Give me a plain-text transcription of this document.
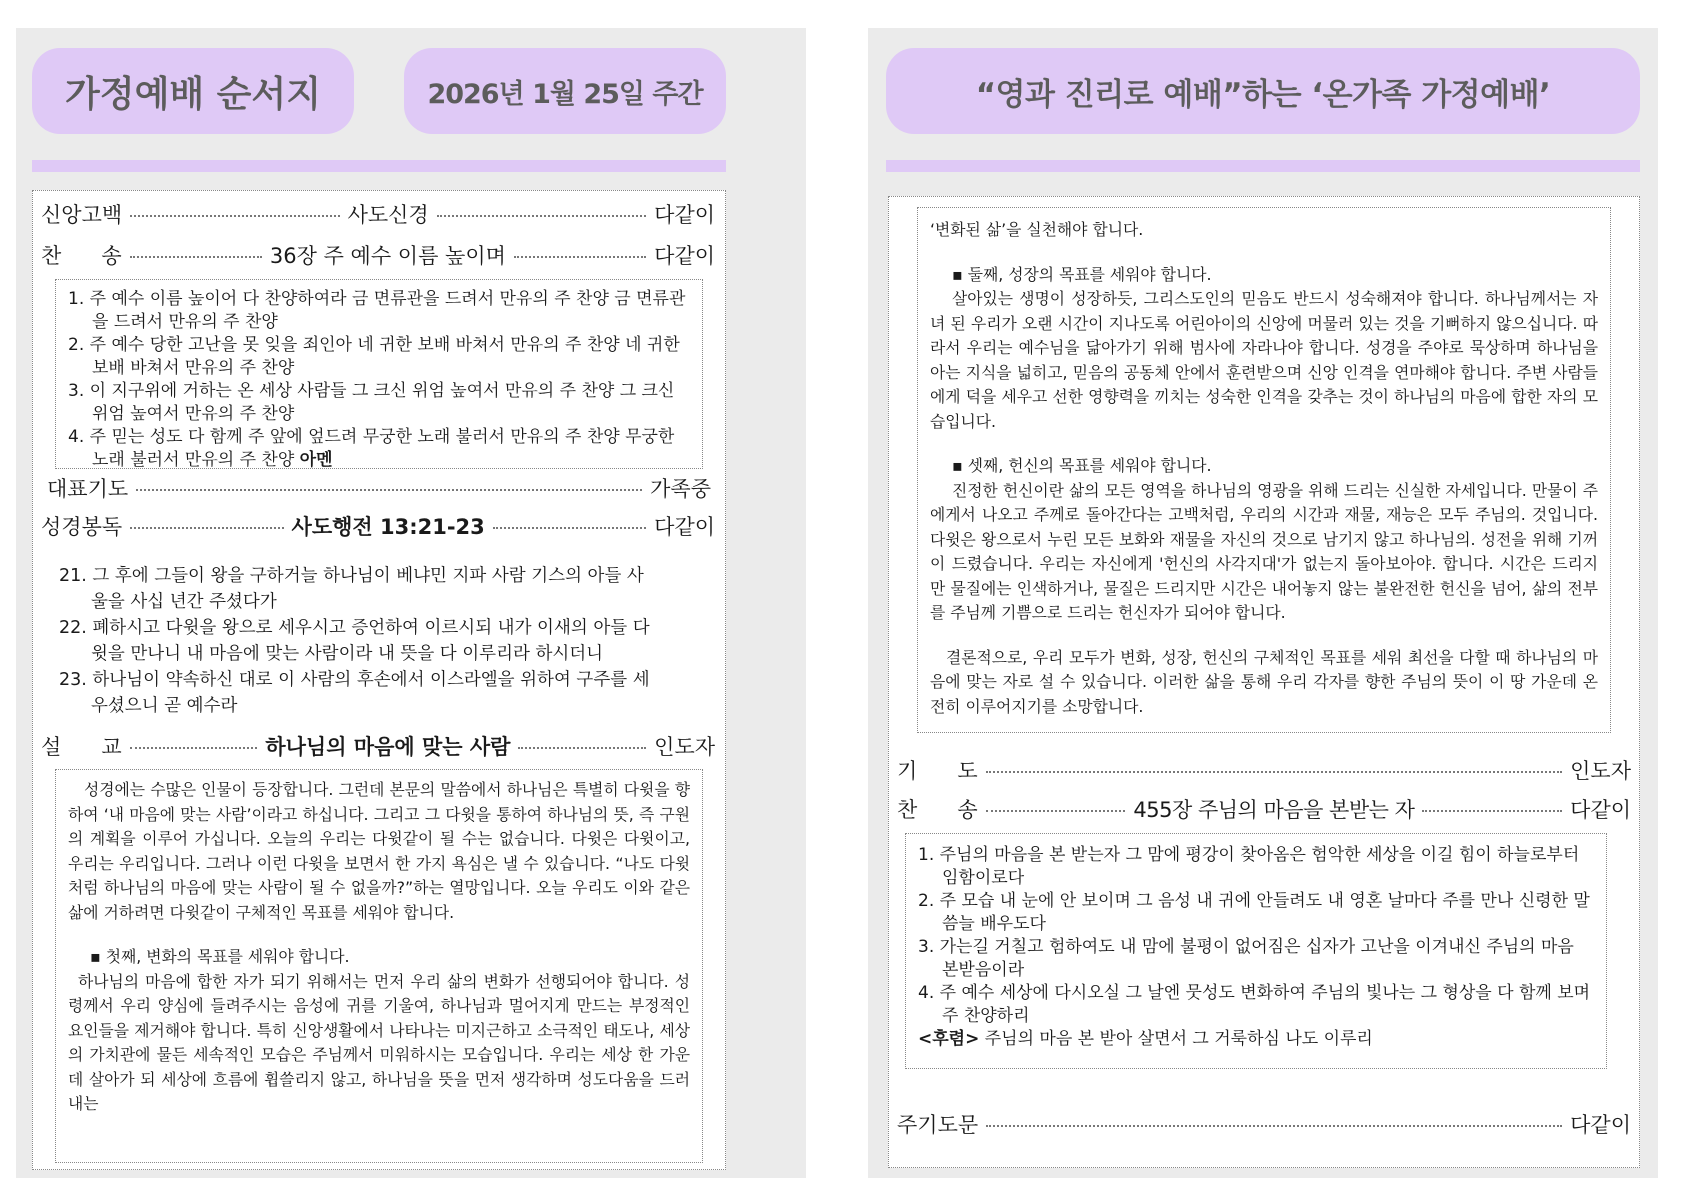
가정예배 순서지	2026년 1월 25일 주간
신앙고백	사도신경	다같이
찬      송	36장 주 예수 이름 높이며	다같이

1. 주 예수 이름 높이어 다 찬양하여라 금 면류관을 드려서 만유의 주 찬양 금 면류관을 드려서 만유의 주 찬양

2. 주 예수 당한 고난을 못 잊을 죄인아 네 귀한 보배 바쳐서 만유의 주 찬양 네 귀한 보배 바쳐서 만유의 주 찬양

3. 이 지구위에 거하는 온 세상 사람들 그 크신 위엄 높여서 만유의 주 찬양 그 크신 위엄 높여서 만유의 주 찬양

4. 주 믿는 성도 다 함께 주 앞에 엎드려 무궁한 노래 불러서 만유의 주 찬양 무궁한 노래 불러서 만유의 주 찬양 아멘

대표기도	가족중
성경봉독	사도행전 13:21-23	다같이

21. 그 후에 그들이 왕을 구하거늘 하나님이 베냐민 지파 사람 기스의 아들 사울을 사십 년간 주셨다가

22. 폐하시고 다윗을 왕으로 세우시고 증언하여 이르시되 내가 이새의 아들 다윗을 만나니 내 마음에 맞는 사람이라 내 뜻을 다 이루리라 하시더니

23. 하나님이 약속하신 대로 이 사람의 후손에서 이스라엘을 위하여 구주를 세우셨으니 곧 예수라

설      교	하나님의 마음에 맞는 사람	인도자

성경에는 수많은 인물이 등장합니다. 그런데 본문의 말씀에서 하나님은 특별히 다윗을 향하여 ‘내 마음에 맞는 사람’이라고 하십니다. 그리고 그 다윗을 통하여 하나님의 뜻, 즉 구원의 계획을 이루어 가십니다. 오늘의 우리는 다윗같이 될 수는 없습니다. 다윗은 다윗이고, 우리는 우리입니다. 그러나 이런 다윗을 보면서 한 가지 욕심은 낼 수 있습니다. “나도 다윗처럼 하나님의 마음에 맞는 사람이 될 수 없을까?”하는 열망입니다. 오늘 우리도 이와 같은 삶에 거하려면 다윗같이 구체적인 목표를 세워야 합니다.

▪ 첫째, 변화의 목표를 세워야 합니다.

하나님의 마음에 합한 자가 되기 위해서는 먼저 우리 삶의 변화가 선행되어야 합니다. 성령께서 우리 양심에 들려주시는 음성에 귀를 기울여, 하나님과 멀어지게 만드는 부정적인 요인들을 제거해야 합니다. 특히 신앙생활에서 나타나는 미지근하고 소극적인 태도나, 세상의 가치관에 물든 세속적인 모습은 주님께서 미워하시는 모습입니다. 우리는 세상 한 가운데 살아가 되 세상에 흐름에 휩쓸리지 않고, 하나님을 뜻을 먼저 생각하며 성도다움을 드러내는

“영과 진리로 예배”하는 ‘온가족 가정예배’

‘변화된 삶’을 실천해야 합니다.

▪ 둘째, 성장의 목표를 세워야 합니다.

살아있는 생명이 성장하듯, 그리스도인의 믿음도 반드시 성숙해져야 합니다. 하나님께서는 자녀 된 우리가 오랜 시간이 지나도록 어린아이의 신앙에 머물러 있는 것을 기뻐하지 않으십니다. 따라서 우리는 예수님을 닮아가기 위해 범사에 자라나야 합니다. 성경을 주야로 묵상하며 하나님을 아는 지식을 넓히고, 믿음의 공동체 안에서 훈련받으며 신앙 인격을 연마해야 합니다. 주변 사람들에게 덕을 세우고 선한 영향력을 끼치는 성숙한 인격을 갖추는 것이 하나님의 마음에 합한 자의 모습입니다.

▪ 셋째, 헌신의 목표를 세워야 합니다.

진정한 헌신이란 삶의 모든 영역을 하나님의 영광을 위해 드리는 신실한 자세입니다. 만물이 주에게서 나오고 주께로 돌아간다는 고백처럼, 우리의 시간과 재물, 재능은 모두 주님의. 것입니다. 다윗은 왕으로서 누린 모든 보화와 재물을 자신의 것으로 남기지 않고 하나님의. 성전을 위해 기꺼이 드렸습니다. 우리는 자신에게 '헌신의 사각지대'가 없는지 돌아보아야. 합니다. 시간은 드리지만 물질에는 인색하거나, 물질은 드리지만 시간은 내어놓지 않는 불완전한 헌신을 넘어, 삶의 전부를 주님께 기쁨으로 드리는 헌신자가 되어야 합니다.

결론적으로, 우리 모두가 변화, 성장, 헌신의 구체적인 목표를 세워 최선을 다할 때 하나님의 마음에 맞는 자로 설 수 있습니다. 이러한 삶을 통해 우리 각자를 향한 주님의 뜻이 이 땅 가운데 온전히 이루어지기를 소망합니다.

기      도	인도자
찬      송	455장 주님의 마음을 본받는 자	다같이

1. 주님의 마음을 본 받는자 그 맘에 평강이 찾아옴은 험악한 세상을 이길 힘이 하늘로부터 임함이로다

2. 주 모습 내 눈에 안 보이며 그 음성 내 귀에 안들려도 내 영혼 날마다 주를 만나 신령한 말씀늘 배우도다

3. 가는길 거칠고 험하여도 내 맘에 불평이 없어짐은 십자가 고난을 이겨내신 주님의 마음 본받음이라

4. 주 예수 세상에 다시오실 그 날엔 뭇성도 변화하여 주님의 빛나는 그 형상을 다 함께 보며 주 찬양하리

<후렴> 주님의 마음 본 받아 살면서 그 거룩하심 나도 이루리

주기도문	다같이
